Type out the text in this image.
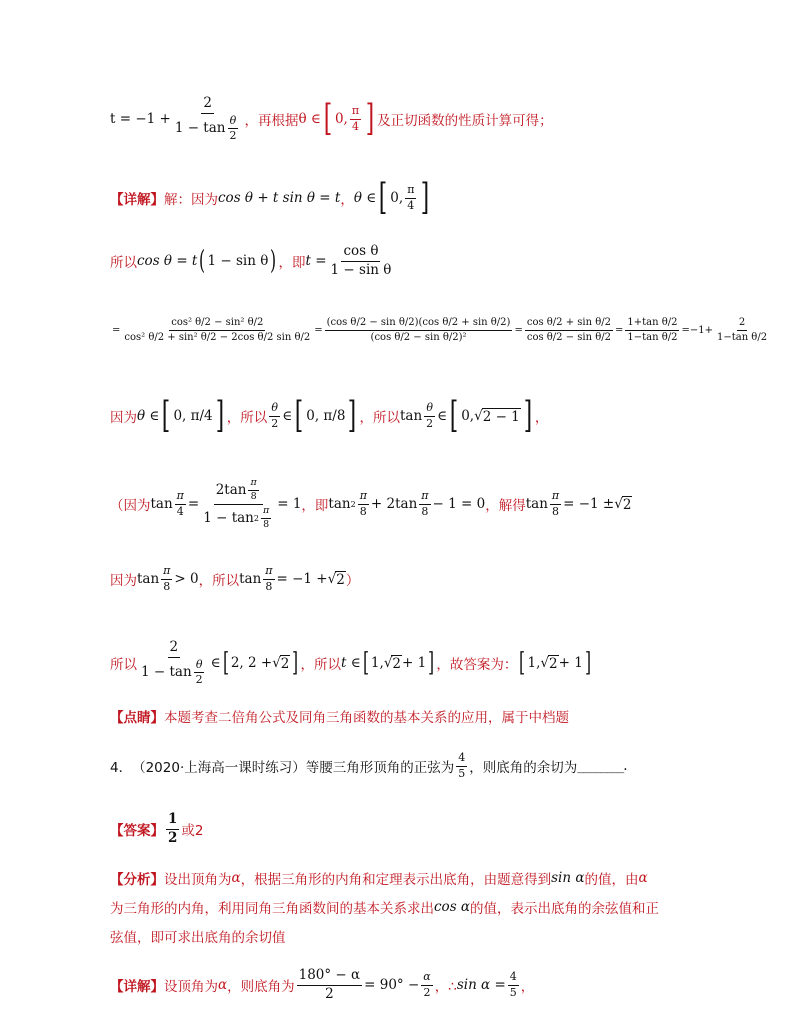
$t = -1 + \frac{2}{1 - \tan \frac{\theta}{2}}$ ，再根据 θ ∈ [ 0, $\frac{\pi}{4}$ ] 及正切函数的性质计算可得；
【详解】 解：因为 cos θ + t sin θ = t ， θ ∈ [ 0, $\frac{\pi}{4}$ ]
所以 cos θ = t ( 1 − sin θ ) ，即 $t = \frac{\text{cos θ}}{\text{1 − sin θ}}$
= $\frac{\text{cos² θ/2 − sin² θ/2}}{\text{cos² θ/2 + sin² θ/2 − 2cos θ/2 sin θ/2}} = \frac{\text{(cos θ/2 − sin θ/2)(cos θ/2 + sin θ/2)}}{\text{(cos θ/2 − sin θ/2)²}} = \frac{\text{cos θ/2 + sin θ/2}}{\text{cos θ/2 − sin θ/2}} = \frac{\text{1+tan θ/2}}{\text{1−tan θ/2}} = -1+ \frac{2}{\text{1−tan θ/2}}$
因为 θ ∈ [ 0, π/4 ] ，所以 $\frac{\theta}{2}$ ∈ [ 0, π/8 ] ，所以 $\tan \frac{\theta}{2}$ ∈ [ 0, √ 2 − 1 ] ，
（因为 $\tan \frac{\pi}{4} = \frac{2\tan \frac{\pi}{8}}{1 - \tan 2 \frac{\pi}{8}} = 1$ ，即 $\tan 2 \frac{\pi}{8} + 2\tan \frac{\pi}{8} - 1 = 0$ ，解得 $\tan \frac{\pi}{8} = -1$ ± √ 2
因为 $\tan \frac{\pi}{8} > 0$ ，所以 $\tan \frac{\pi}{8} = -1$ + √ 2 ）
所以 $\frac{2}{1 - \tan \frac{\theta}{2}}$ ∈ [ 2, 2 + √ 2 ] ，所以 t ∈ [ 1, √ 2 + 1 ] ，故答案为： [ 1, √ 2 + 1 ]
【点睛】 本题考查二倍角公式及同角三角函数的基本关系的应用，属于中档题
4． （2020·上海高一课时练习） 等腰三角形顶角的正弦为 $\frac{4}{5}$ ，则底角的余切为 ________ .
【答案】 $\frac{1}{2}$ 或2
【分析】 设出顶角为 α ，根据三角形的内角和定理表示出底角，由题意得到 sin α 的值，由 α
为三角形的内角，利用同角三角函数间的基本关系求出 cos α 的值，表示出底角的余弦值和正
弦值，即可求出底角的余切值
【详解】 设顶角为 α ，则底角为 $\frac{180^\circ - \alpha}{2} = 90^\circ - \frac{\alpha}{2}$ ，∴ $\sin \alpha = \frac{4}{5}$ ，
